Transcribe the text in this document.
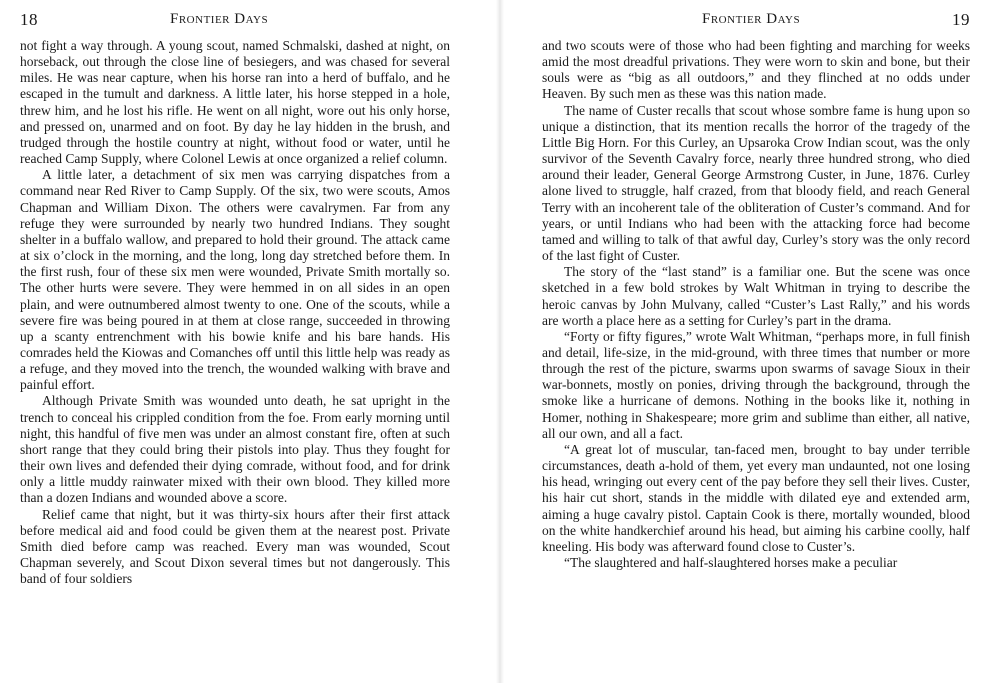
18	Frontier Days

not fight a way through. A young scout, named Schmalski, dashed at night, on horseback, out through the close line of besiegers, and was chased for several miles. He was near capture, when his horse ran into a herd of buffalo, and he escaped in the tumult and darkness. A little later, his horse stepped in a hole, threw him, and he lost his rifle. He went on all night, wore out his only horse, and pressed on, unarmed and on foot. By day he lay hidden in the brush, and trudged through the hostile country at night, without food or water, until he reached Camp Supply, where Colonel Lewis at once organized a relief column.

A little later, a detachment of six men was carrying dispatches from a command near Red River to Camp Supply. Of the six, two were scouts, Amos Chapman and William Dixon. The others were cavalrymen. Far from any refuge they were surrounded by nearly two hundred Indians. They sought shelter in a buffalo wallow, and prepared to hold their ground. The attack came at six o’clock in the morning, and the long, long day stretched before them. In the first rush, four of these six men were wounded, Private Smith mortally so. The other hurts were severe. They were hemmed in on all sides in an open plain, and were outnumbered almost twenty to one. One of the scouts, while a severe fire was being poured in at them at close range, succeeded in throwing up a scanty entrenchment with his bowie knife and his bare hands. His comrades held the Kiowas and Comanches off until this little help was ready as a refuge, and they moved into the trench, the wounded walking with brave and painful effort.

Although Private Smith was wounded unto death, he sat upright in the trench to conceal his crippled condition from the foe. From early morning until night, this handful of five men was under an almost constant fire, often at such short range that they could bring their pistols into play. Thus they fought for their own lives and defended their dying comrade, without food, and for drink only a little muddy rainwater mixed with their own blood. They killed more than a dozen Indians and wounded above a score.

Relief came that night, but it was thirty-six hours after their first attack before medical aid and food could be given them at the nearest post. Private Smith died before camp was reached. Every man was wounded, Scout Chapman severely, and Scout Dixon several times but not dangerously. This band of four soldiers

Frontier Days	19

and two scouts were of those who had been fighting and marching for weeks amid the most dreadful privations. They were worn to skin and bone, but their souls were as “big as all outdoors,” and they flinched at no odds under Heaven. By such men as these was this nation made.

The name of Custer recalls that scout whose sombre fame is hung upon so unique a distinction, that its mention recalls the horror of the tragedy of the Little Big Horn. For this Curley, an Upsaroka Crow Indian scout, was the only survivor of the Seventh Cavalry force, nearly three hundred strong, who died around their leader, General George Armstrong Custer, in June, 1876. Curley alone lived to struggle, half crazed, from that bloody field, and reach General Terry with an incoherent tale of the obliteration of Custer’s command. And for years, or until Indians who had been with the attacking force had become tamed and willing to talk of that awful day, Curley’s story was the only record of the last fight of Custer.

The story of the “last stand” is a familiar one. But the scene was once sketched in a few bold strokes by Walt Whitman in trying to describe the heroic canvas by John Mulvany, called “Custer’s Last Rally,” and his words are worth a place here as a setting for Curley’s part in the drama.

“Forty or fifty figures,” wrote Walt Whitman, “perhaps more, in full finish and detail, life-size, in the mid-ground, with three times that number or more through the rest of the picture, swarms upon swarms of savage Sioux in their war-bonnets, mostly on ponies, driving through the background, through the smoke like a hurricane of demons. Nothing in the books like it, nothing in Homer, nothing in Shakespeare; more grim and sublime than either, all native, all our own, and all a fact.

“A great lot of muscular, tan-faced men, brought to bay under terrible circumstances, death a-hold of them, yet every man undaunted, not one losing his head, wringing out every cent of the pay before they sell their lives. Custer, his hair cut short, stands in the middle with dilated eye and extended arm, aiming a huge cavalry pistol. Captain Cook is there, mortally wounded, blood on the white handkerchief around his head, but aiming his carbine coolly, half kneeling. His body was afterward found close to Custer’s.

“The slaughtered and half-slaughtered horses make a peculiar
